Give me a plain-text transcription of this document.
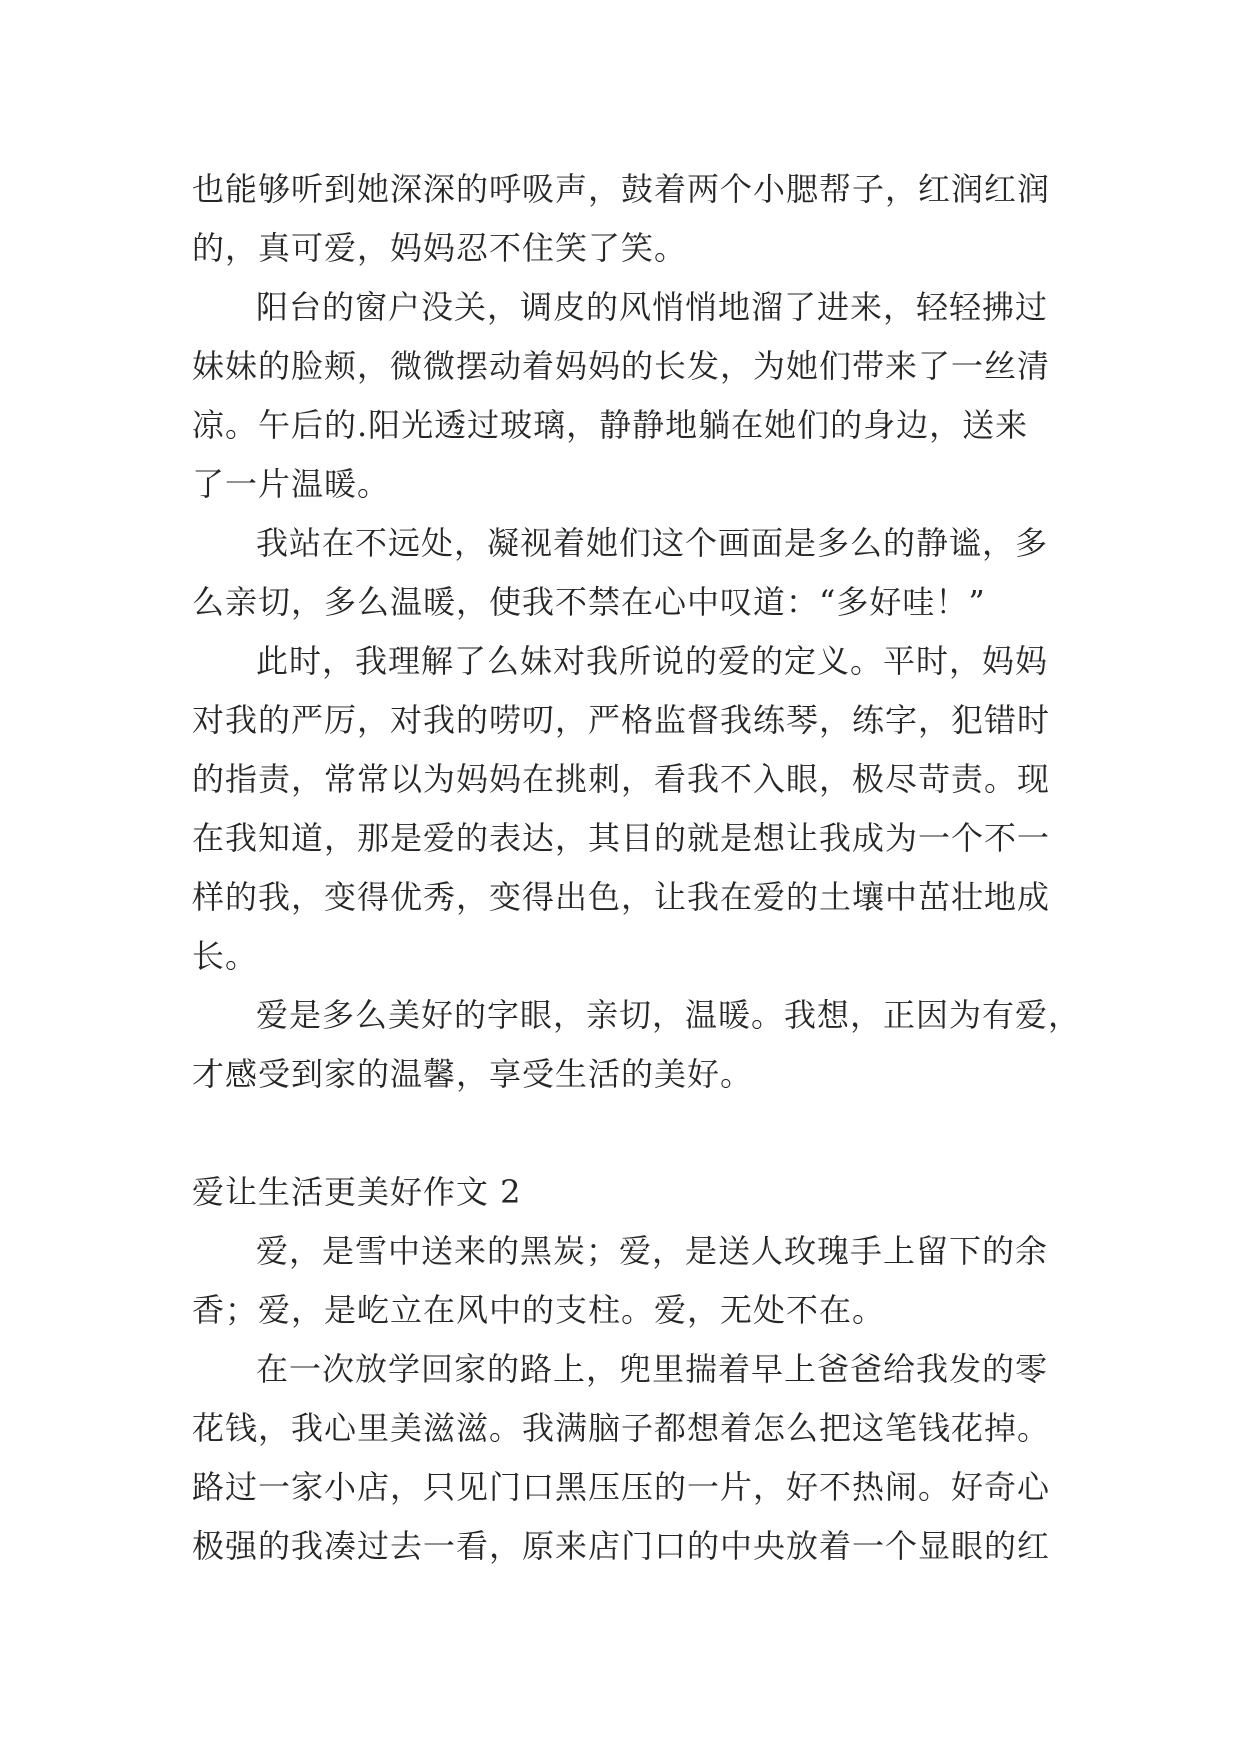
也能够听到她深深的呼吸声，鼓着两个小腮帮子，红润红润
的，真可爱，妈妈忍不住笑了笑。
阳台的窗户没关，调皮的风悄悄地溜了进来，轻轻拂过
妹妹的脸颊，微微摆动着妈妈的长发，为她们带来了一丝清
凉。午后的.阳光透过玻璃，静静地躺在她们的身边，送来
了一片温暖。
我站在不远处，凝视着她们这个画面是多么的静谧，多
么亲切，多么温暖，使我不禁在心中叹道：“多好哇！”
此时，我理解了么妹对我所说的爱的定义。平时，妈妈
对我的严厉，对我的唠叨，严格监督我练琴，练字，犯错时
的指责，常常以为妈妈在挑刺，看我不入眼，极尽苛责。现
在我知道，那是爱的表达，其目的就是想让我成为一个不一
样的我，变得优秀，变得出色，让我在爱的土壤中茁壮地成
长。
爱是多么美好的字眼，亲切，温暖。我想，正因为有爱，
才感受到家的温馨，享受生活的美好。
爱让生活更美好作文 2
爱，是雪中送来的黑炭；爱，是送人玫瑰手上留下的余
香；爱，是屹立在风中的支柱。爱，无处不在。
在一次放学回家的路上，兜里揣着早上爸爸给我发的零
花钱，我心里美滋滋。我满脑子都想着怎么把这笔钱花掉。
路过一家小店，只见门口黑压压的一片，好不热闹。好奇心
极强的我凑过去一看，原来店门口的中央放着一个显眼的红
